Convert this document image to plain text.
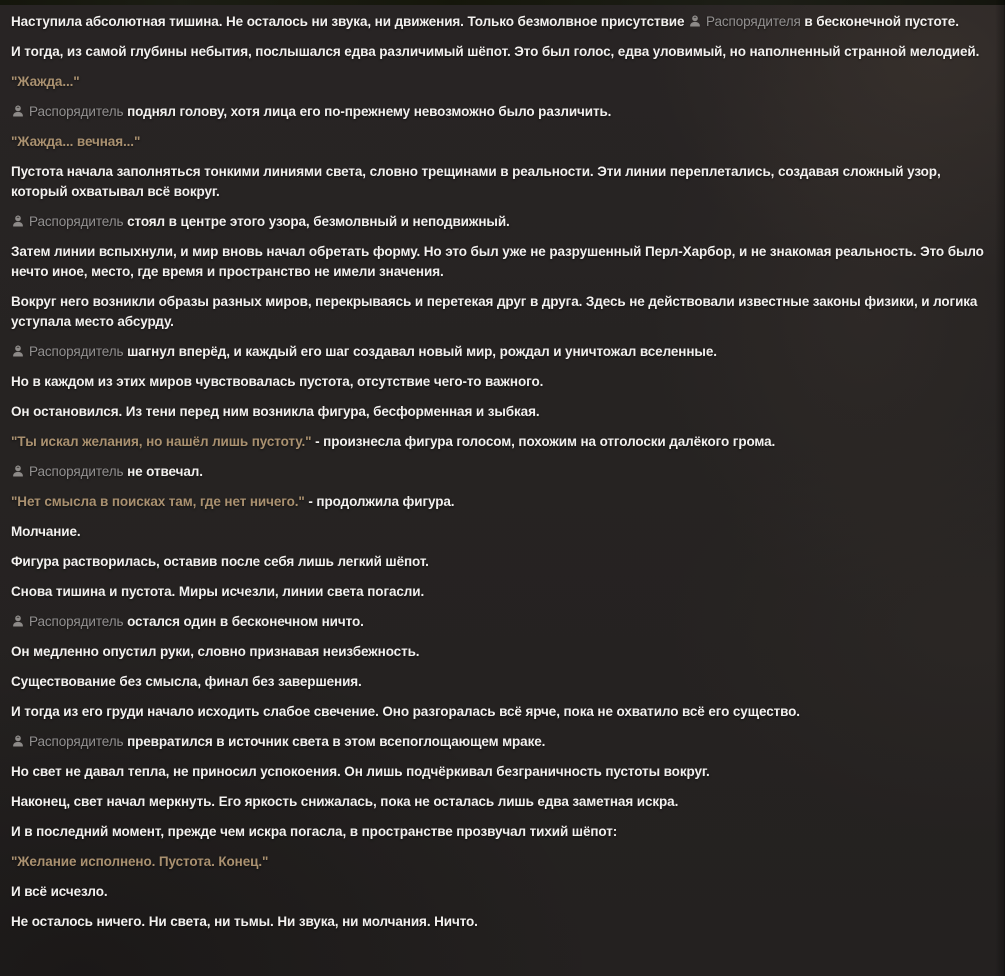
Наступила абсолютная тишина. Не осталось ни звука, ни движения. Только безмолвное присутствие
Распорядителя в бесконечной пустоте.

И тогда, из самой глубины небытия, послышался едва различимый шёпот. Это был голос, едва уловимый, но наполненный странной мелодией.

"Жажда..."

Распорядитель поднял голову, хотя лица его по-прежнему невозможно было различить.

"Жажда... вечная..."

Пустота начала заполняться тонкими линиями света, словно трещинами в реальности. Эти линии переплетались, создавая сложный узор, который охватывал всё вокруг.

Распорядитель стоял в центре этого узора, безмолвный и неподвижный.

Затем линии вспыхнули, и мир вновь начал обретать форму. Но это был уже не разрушенный Перл-Харбор, и не знакомая реальность. Это было нечто иное, место, где время и пространство не имели значения.

Вокруг него возникли образы разных миров, перекрываясь и перетекая друг в друга. Здесь не действовали известные законы физики, и логика уступала место абсурду.

Распорядитель шагнул вперёд, и каждый его шаг создавал новый мир, рождал и уничтожал вселенные.

Но в каждом из этих миров чувствовалась пустота, отсутствие чего-то важного.

Он остановился. Из тени перед ним возникла фигура, бесформенная и зыбкая.

"Ты искал желания, но нашёл лишь пустоту." - произнесла фигура голосом, похожим на отголоски далёкого грома.

Распорядитель не отвечал.

"Нет смысла в поисках там, где нет ничего." - продолжила фигура.

Молчание.

Фигура растворилась, оставив после себя лишь легкий шёпот.

Снова тишина и пустота. Миры исчезли, линии света погасли.

Распорядитель остался один в бесконечном ничто.

Он медленно опустил руки, словно признавая неизбежность.

Существование без смысла, финал без завершения.

И тогда из его груди начало исходить слабое свечение. Оно разгоралась всё ярче, пока не охватило всё его существо.

Распорядитель превратился в источник света в этом всепоглощающем мраке.

Но свет не давал тепла, не приносил успокоения. Он лишь подчёркивал безграничность пустоты вокруг.

Наконец, свет начал меркнуть. Его яркость снижалась, пока не осталась лишь едва заметная искра.

И в последний момент, прежде чем искра погасла, в пространстве прозвучал тихий шёпот:

"Желание исполнено. Пустота. Конец."

И всё исчезло.

Не осталось ничего. Ни света, ни тьмы. Ни звука, ни молчания. Ничто.
